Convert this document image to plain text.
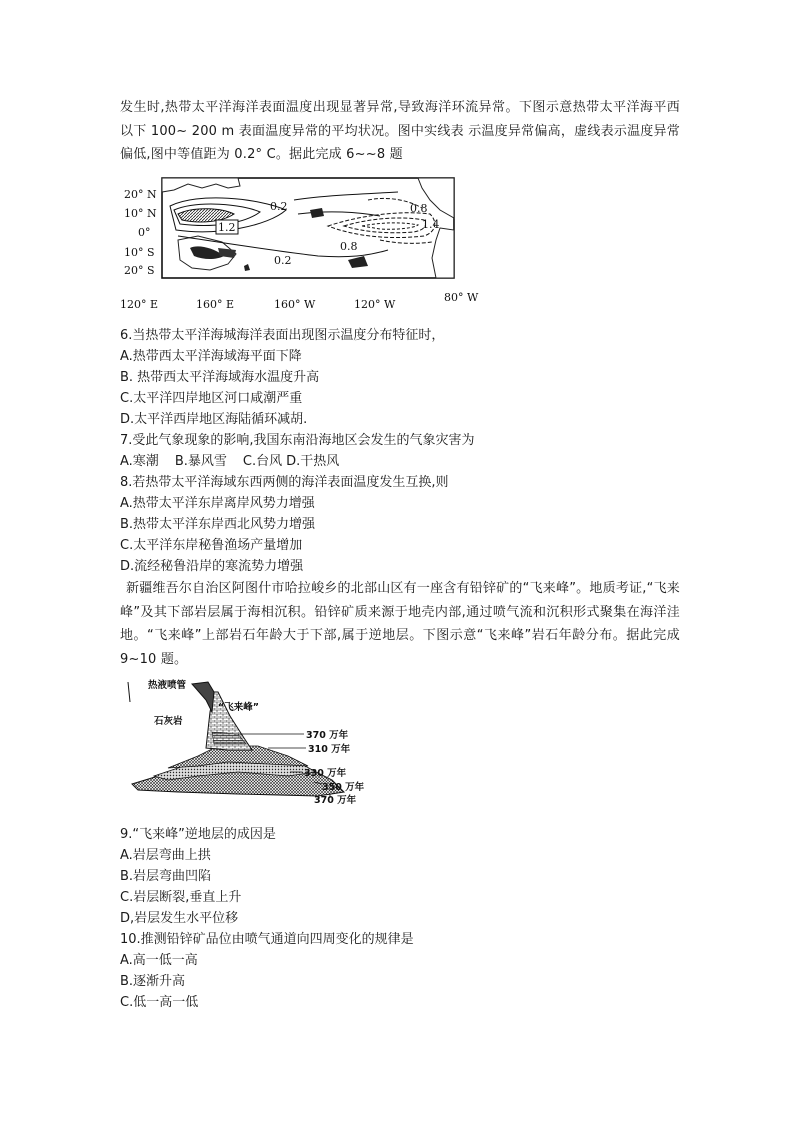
发生时,热带太平洋海洋表面温度出现显著异常,导致海洋环流异常。下图示意热带太平洋海平西以下 100~ 200 m 表面温度异常的平均状况。图中实线表 示温度异常偏高，虚线表示温度异常偏低,图中等值距为 0.2° C。据此完成 6~~8 题
20° N
10° N
0°
10° S
20° S
120° E	160° E	160° W	120° W
80° W
1.2
0.2
0.2
0.8
1.4
0.8
6.当热带太平洋海城海洋表面出现图示温度分布特征时，
A.热带西太平洋海域海平面下降
B. 热带西太平洋海域海水温度升高
C.太平洋四岸地区河口咸潮严重
D.太平洋西岸地区海陆循环减胡.
7.受此气象现象的影响,我国东南沿海地区会发生的气象灾害为
A.寒潮 B.暴风雪 C.台风 D.干热风
8.若热带太平洋海域东西两侧的海洋表面温度发生互换,则
A.热带太平洋东岸离岸风势力增强
B.热带太平洋东岸西北风势力增强
C.太平洋东岸秘鲁渔场产量增加
D.流经秘鲁沿岸的寒流势力增强
新疆维吾尔自治区阿图什市哈拉峻乡的北部山区有一座含有铅锌矿的“飞来峰”。地质考证,“飞来峰”及其下部岩层属于海相沉积。铅锌矿质来源于地壳内部,通过喷气流和沉积形式聚集在海洋洼地。“飞来峰”上部岩石年龄大于下部,属于逆地层。下图示意“飞来峰”岩石年龄分布。据此完成 9~10 题。
热液喷管
“飞来峰”
石灰岩
370 万年
310 万年
330 万年
350 万年
370 万年
9.“飞来峰”逆地层的成因是
A.岩层弯曲上拱
B.岩层弯曲凹陷
C.岩层断裂,垂直上升
D,岩层发生水平位移
10.推测铅锌矿品位由喷气通道向四周变化的规律是
A.高一低一高
B.逐渐升高
C.低一高一低
